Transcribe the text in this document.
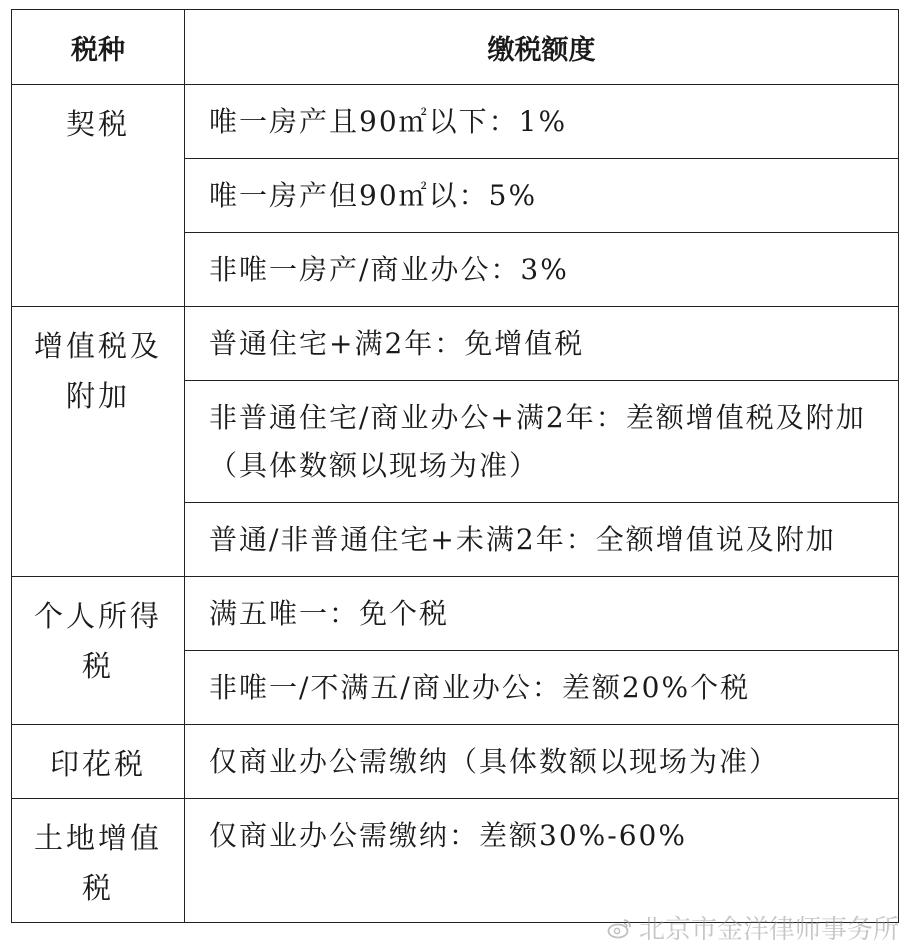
税种	缴税额度
契税	唯一房产且90㎡以下：1%
	唯一房产但90㎡以：5%
	非唯一房产/商业办公：3%
增值税及附加	普通住宅+满2年：免增值税
	非普通住宅/商业办公+满2年：差额增值税及附加（具体数额以现场为准）
	普通/非普通住宅+未满2年：全额增值说及附加
个人所得税	满五唯一：免个税
	非唯一/不满五/商业办公：差额20%个税
印花税	仅商业办公需缴纳（具体数额以现场为准）
土地增值税	仅商业办公需缴纳：差额30%-60%
北京市金洋律师事务所
